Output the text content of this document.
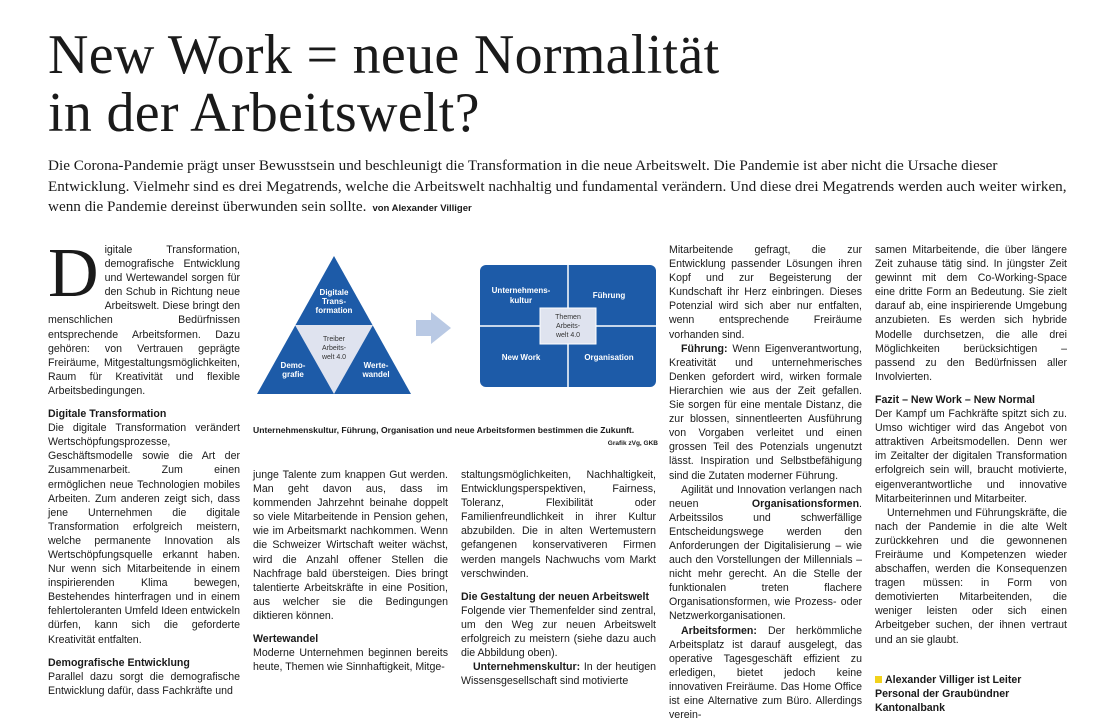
New Work = neue Normalität
in der Arbeitswelt?

Die Corona-Pandemie prägt unser Bewusstsein und beschleunigt die Transformation in die neue Arbeitswelt. Die Pandemie ist aber nicht die Ursache dieser Entwicklung. Vielmehr sind es drei Megatrends, welche die Arbeitswelt nachhaltig und fundamental verändern. Und diese drei Megatrends werden auch weiter wirken, wenn die Pandemie dereinst überwunden sein sollte. von Alexander Villiger

Digitale Transformation, demografische Entwicklung und Wertewandel sorgen für den Schub in Richtung neue Arbeitswelt. Diese bringt den menschlichen Bedürfnissen entsprechende Arbeitsformen. Dazu gehören: von Vertrauen geprägte Freiräume, Mitgestaltungsmöglichkeiten, Raum für Kreativität und flexible Arbeitsbedingungen.

Digitale Transformation

Die digitale Transformation verändert Wertschöpfungsprozesse, Geschäftsmodelle sowie die Art der Zusammenarbeit. Zum einen ermöglichen neue Technologien mobiles Arbeiten. Zum anderen zeigt sich, dass jene Unternehmen die digitale Transformation erfolgreich meistern, welche permanente Innovation als Wertschöpfungsquelle erkannt haben. Nur wenn sich Mitarbeitende in einem inspirierenden Klima bewegen, Bestehendes hinterfragen und in einem fehlertoleranten Umfeld Ideen entwickeln dürfen, kann sich die geforderte Kreativität entfalten.

Demografische Entwicklung

Parallel dazu sorgt die demografische Entwicklung dafür, dass Fachkräfte und

Digitale Trans-formation
Treiber Arbeits-welt 4.0
Demo-grafie
Werte-wandel
Unternehmens-kultur
Führung
New Work	Organisation
Themen Arbeits-welt 4.0
Unternehmenskultur, Führung, Organisation und neue Arbeitsformen bestimmen die Zukunft.
Grafik zVg, GKB

junge Talente zum knappen Gut werden. Man geht davon aus, dass im kommenden Jahrzehnt beinahe doppelt so viele Mitarbeitende in Pension gehen, wie im Arbeitsmarkt nachkommen. Wenn die Schweizer Wirtschaft weiter wächst, wird die Anzahl offener Stellen die Nachfrage bald übersteigen. Dies bringt talentierte Arbeitskräfte in eine Position, aus welcher sie die Bedingungen diktieren können.

Wertewandel

Moderne Unternehmen beginnen bereits heute, Themen wie Sinnhaftigkeit, Mitge-

staltungsmöglichkeiten, Nachhaltigkeit, Entwicklungsperspektiven, Fairness, Toleranz, Flexibilität oder Familienfreundlichkeit in ihrer Kultur abzubilden. Die in alten Wertemustern gefangenen konservativeren Firmen werden mangels Nachwuchs vom Markt verschwinden.

Die Gestaltung der neuen Arbeitswelt

Folgende vier Themenfelder sind zentral, um den Weg zur neuen Arbeitswelt erfolgreich zu meistern (siehe dazu auch die Abbildung oben).

Unternehmenskultur: In der heutigen Wissensgesellschaft sind motivierte

Mitarbeitende gefragt, die zur Entwicklung passender Lösungen ihren Kopf und zur Begeisterung der Kundschaft ihr Herz einbringen. Dieses Potenzial wird sich aber nur entfalten, wenn entsprechende Freiräume vorhanden sind.

Führung: Wenn Eigenverantwortung, Kreativität und unternehmerisches Denken gefordert wird, wirken formale Hierarchien wie aus der Zeit gefallen. Sie sorgen für eine mentale Distanz, die zur blossen, sinnentleerten Ausführung von Vorgaben verleitet und einen grossen Teil des Potenzials ungenutzt lässt. Inspiration und Selbstbefähigung sind die Zutaten moderner Führung.

Agilität und Innovation verlangen nach neuen Organisationsformen. Arbeitssilos und schwerfällige Entscheidungswege werden den Anforderungen der Digitalisierung – wie auch den Vorstellungen der Millennials – nicht mehr gerecht. An die Stelle der funktionalen treten flachere Organisationsformen, wie Prozess- oder Netzwerkorganisationen.

Arbeitsformen: Der herkömmliche Arbeitsplatz ist darauf ausgelegt, das operative Tagesgeschäft effizient zu erledigen, bietet jedoch keine innovativen Freiräume. Das Home Office ist eine Alternative zum Büro. Allerdings verein-

samen Mitarbeitende, die über längere Zeit zuhause tätig sind. In jüngster Zeit gewinnt mit dem Co-Working-Space eine dritte Form an Bedeutung. Sie zielt darauf ab, eine inspirierende Umgebung anzubieten. Es werden sich hybride Modelle durchsetzen, die alle drei Möglichkeiten berücksichtigen – passend zu den Bedürfnissen aller Involvierten.

Fazit – New Work – New Normal

Der Kampf um Fachkräfte spitzt sich zu. Umso wichtiger wird das Angebot von attraktiven Arbeitsmodellen. Denn wer im Zeitalter der digitalen Transformation erfolgreich sein will, braucht motivierte, eigenverantwortliche und innovative Mitarbeiterinnen und Mitarbeiter.

Unternehmen und Führungskräfte, die nach der Pandemie in die alte Welt zurückkehren und die gewonnenen Freiräume und Kompetenzen wieder abschaffen, werden die Konsequenzen tragen müssen: in Form von demotivierten Mitarbeitenden, die weniger leisten oder sich einen Arbeitgeber suchen, der ihnen vertraut und an sie glaubt.

Alexander Villiger ist Leiter Personal der Graubündner Kantonalbank
